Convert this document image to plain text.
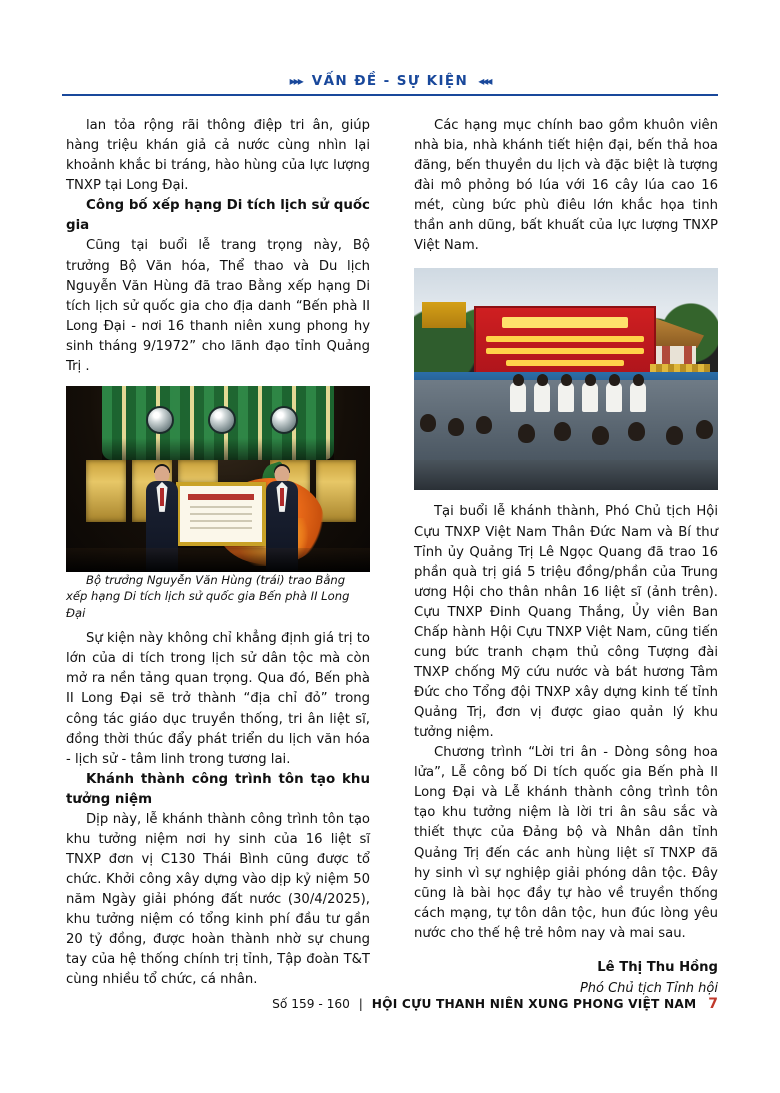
▸▸▸ VẤN ĐỀ - SỰ KIỆN ◂◂◂

lan tỏa rộng rãi thông điệp tri ân, giúp hàng triệu khán giả cả nước cùng nhìn lại khoảnh khắc bi tráng, hào hùng của lực lượng TNXP tại Long Đại.

Công bố xếp hạng Di tích lịch sử quốc gia

Cũng tại buổi lễ trang trọng này, Bộ trưởng Bộ Văn hóa, Thể thao và Du lịch Nguyễn Văn Hùng đã trao Bằng xếp hạng Di tích lịch sử quốc gia cho địa danh “Bến phà II Long Đại - nơi 16 thanh niên xung phong hy sinh tháng 9/1972” cho lãnh đạo tỉnh Quảng Trị .

Bộ trưởng Nguyễn Văn Hùng (trái) trao Bằng xếp hạng Di tích lịch sử quốc gia Bến phà II Long Đại

Sự kiện này không chỉ khẳng định giá trị to lớn của di tích trong lịch sử dân tộc mà còn mở ra nền tảng quan trọng. Qua đó, Bến phà II Long Đại sẽ trở thành “địa chỉ đỏ” trong công tác giáo dục truyền thống, tri ân liệt sĩ, đồng thời thúc đẩy phát triển du lịch văn hóa - lịch sử - tâm linh trong tương lai.

Khánh thành công trình tôn tạo khu tưởng niệm

Dịp này, lễ khánh thành công trình tôn tạo khu tưởng niệm nơi hy sinh của 16 liệt sĩ TNXP đơn vị C130 Thái Bình cũng được tổ chức. Khởi công xây dựng vào dịp kỷ niệm 50 năm Ngày giải phóng đất nước (30/4/2025), khu tưởng niệm có tổng kinh phí đầu tư gần 20 tỷ đồng, được hoàn thành nhờ sự chung tay của hệ thống chính trị tỉnh, Tập đoàn T&T cùng nhiều tổ chức, cá nhân.

Các hạng mục chính bao gồm khuôn viên nhà bia, nhà khánh tiết hiện đại, bến thả hoa đăng, bến thuyền du lịch và đặc biệt là tượng đài mô phỏng bó lúa với 16 cây lúa cao 16 mét, cùng bức phù điêu lớn khắc họa tinh thần anh dũng, bất khuất của lực lượng TNXP Việt Nam.

Tại buổi lễ khánh thành, Phó Chủ tịch Hội Cựu TNXP Việt Nam Thân Đức Nam và Bí thư Tỉnh ủy Quảng Trị Lê Ngọc Quang đã trao 16 phần quà trị giá 5 triệu đồng/phần của Trung ương Hội cho thân nhân 16 liệt sĩ (ảnh trên). Cựu TNXP Đinh Quang Thắng, Ủy viên Ban Chấp hành Hội Cựu TNXP Việt Nam, cũng tiến cung bức tranh chạm thủ công Tượng đài TNXP chống Mỹ cứu nước và bát hương Tâm Đức cho Tổng đội TNXP xây dựng kinh tế tỉnh Quảng Trị, đơn vị được giao quản lý khu tưởng niệm.

Chương trình “Lời tri ân - Dòng sông hoa lửa”, Lễ công bố Di tích quốc gia Bến phà II Long Đại và Lễ khánh thành công trình tôn tạo khu tưởng niệm là lời tri ân sâu sắc và thiết thực của Đảng bộ và Nhân dân tỉnh Quảng Trị đến các anh hùng liệt sĩ TNXP đã hy sinh vì sự nghiệp giải phóng dân tộc. Đây cũng là bài học đầy tự hào về truyền thống cách mạng, tự tôn dân tộc, hun đúc lòng yêu nước cho thế hệ trẻ hôm nay và mai sau.

Lê Thị Thu Hồng
Phó Chủ tịch Tỉnh hội
Số 159 - 160 | HỘI CỰU THANH NIÊN XUNG PHONG VIỆT NAM 7
